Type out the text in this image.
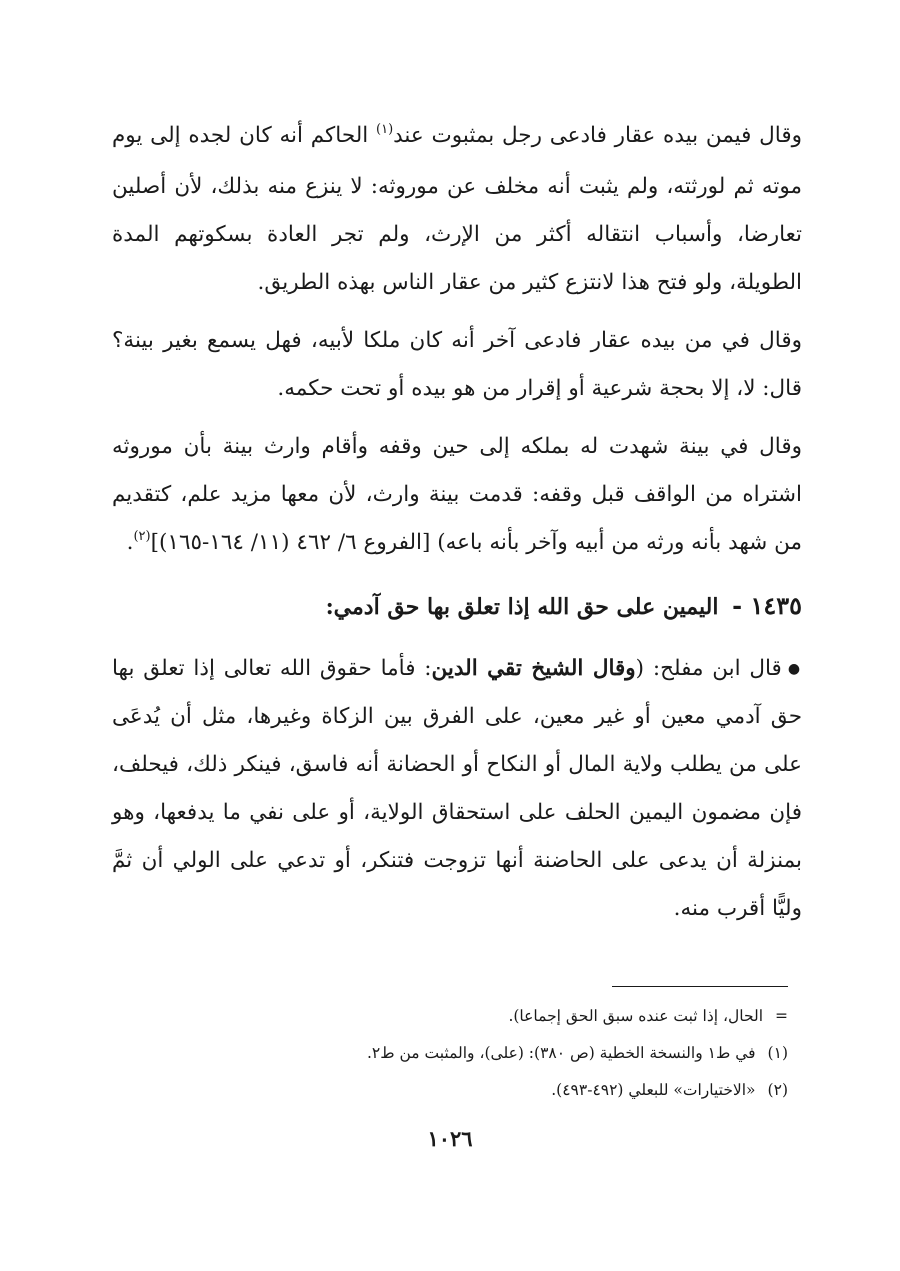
وقال فيمن بيده عقار فادعى رجل بمثبوت عند$^{(١)}$ الحاكم أنه كان لجده إلى يوم موته ثم لورثته، ولم يثبت أنه مخلف عن موروثه: لا ينزع منه بذلك، لأن أصلين تعارضا، وأسباب انتقاله أكثر من الإرث، ولم تجر العادة بسكوتهم المدة الطويلة، ولو فتح هذا لانتزع كثير من عقار الناس بهذه الطريق.

وقال في من بيده عقار فادعى آخر أنه كان ملكا لأبيه، فهل يسمع بغير بينة؟ قال: لا، إلا بحجة شرعية أو إقرار من هو بيده أو تحت حكمه.

وقال في بينة شهدت له بملكه إلى حين وقفه وأقام وارث بينة بأن موروثه اشتراه من الواقف قبل وقفه: قدمت بينة وارث، لأن معها مزيد علم، كتقديم من شهد بأنه ورثه من أبيه وآخر بأنه باعه) [الفروع ٦/ ٤٦٢ (١١/ ١٦٤-١٦٥)]$^{(٢)}$.

١٤٣٥ - اليمين على حق الله إذا تعلق بها حق آدمي:

●قال ابن مفلح: (وقال الشيخ تقي الدين: فأما حقوق الله تعالى إذا تعلق بها حق آدمي معين أو غير معين، على الفرق بين الزكاة وغيرها، مثل أن يُدعَى على من يطلب ولاية المال أو النكاح أو الحضانة أنه فاسق، فينكر ذلك، فيحلف، فإن مضمون اليمين الحلف على استحقاق الولاية، أو على نفي ما يدفعها، وهو بمنزلة أن يدعى على الحاضنة أنها تزوجت فتنكر، أو تدعي على الولي أن ثمَّ وليًّا أقرب منه.

=الحال، إذا ثبت عنده سبق الحق إجماعا).

(١)في ط١ والنسخة الخطية (ص ٣٨٠): (على)، والمثبت من ط٢.

(٢)«الاختيارات» للبعلي (٤٩٢-٤٩٣).

١٠٢٦
